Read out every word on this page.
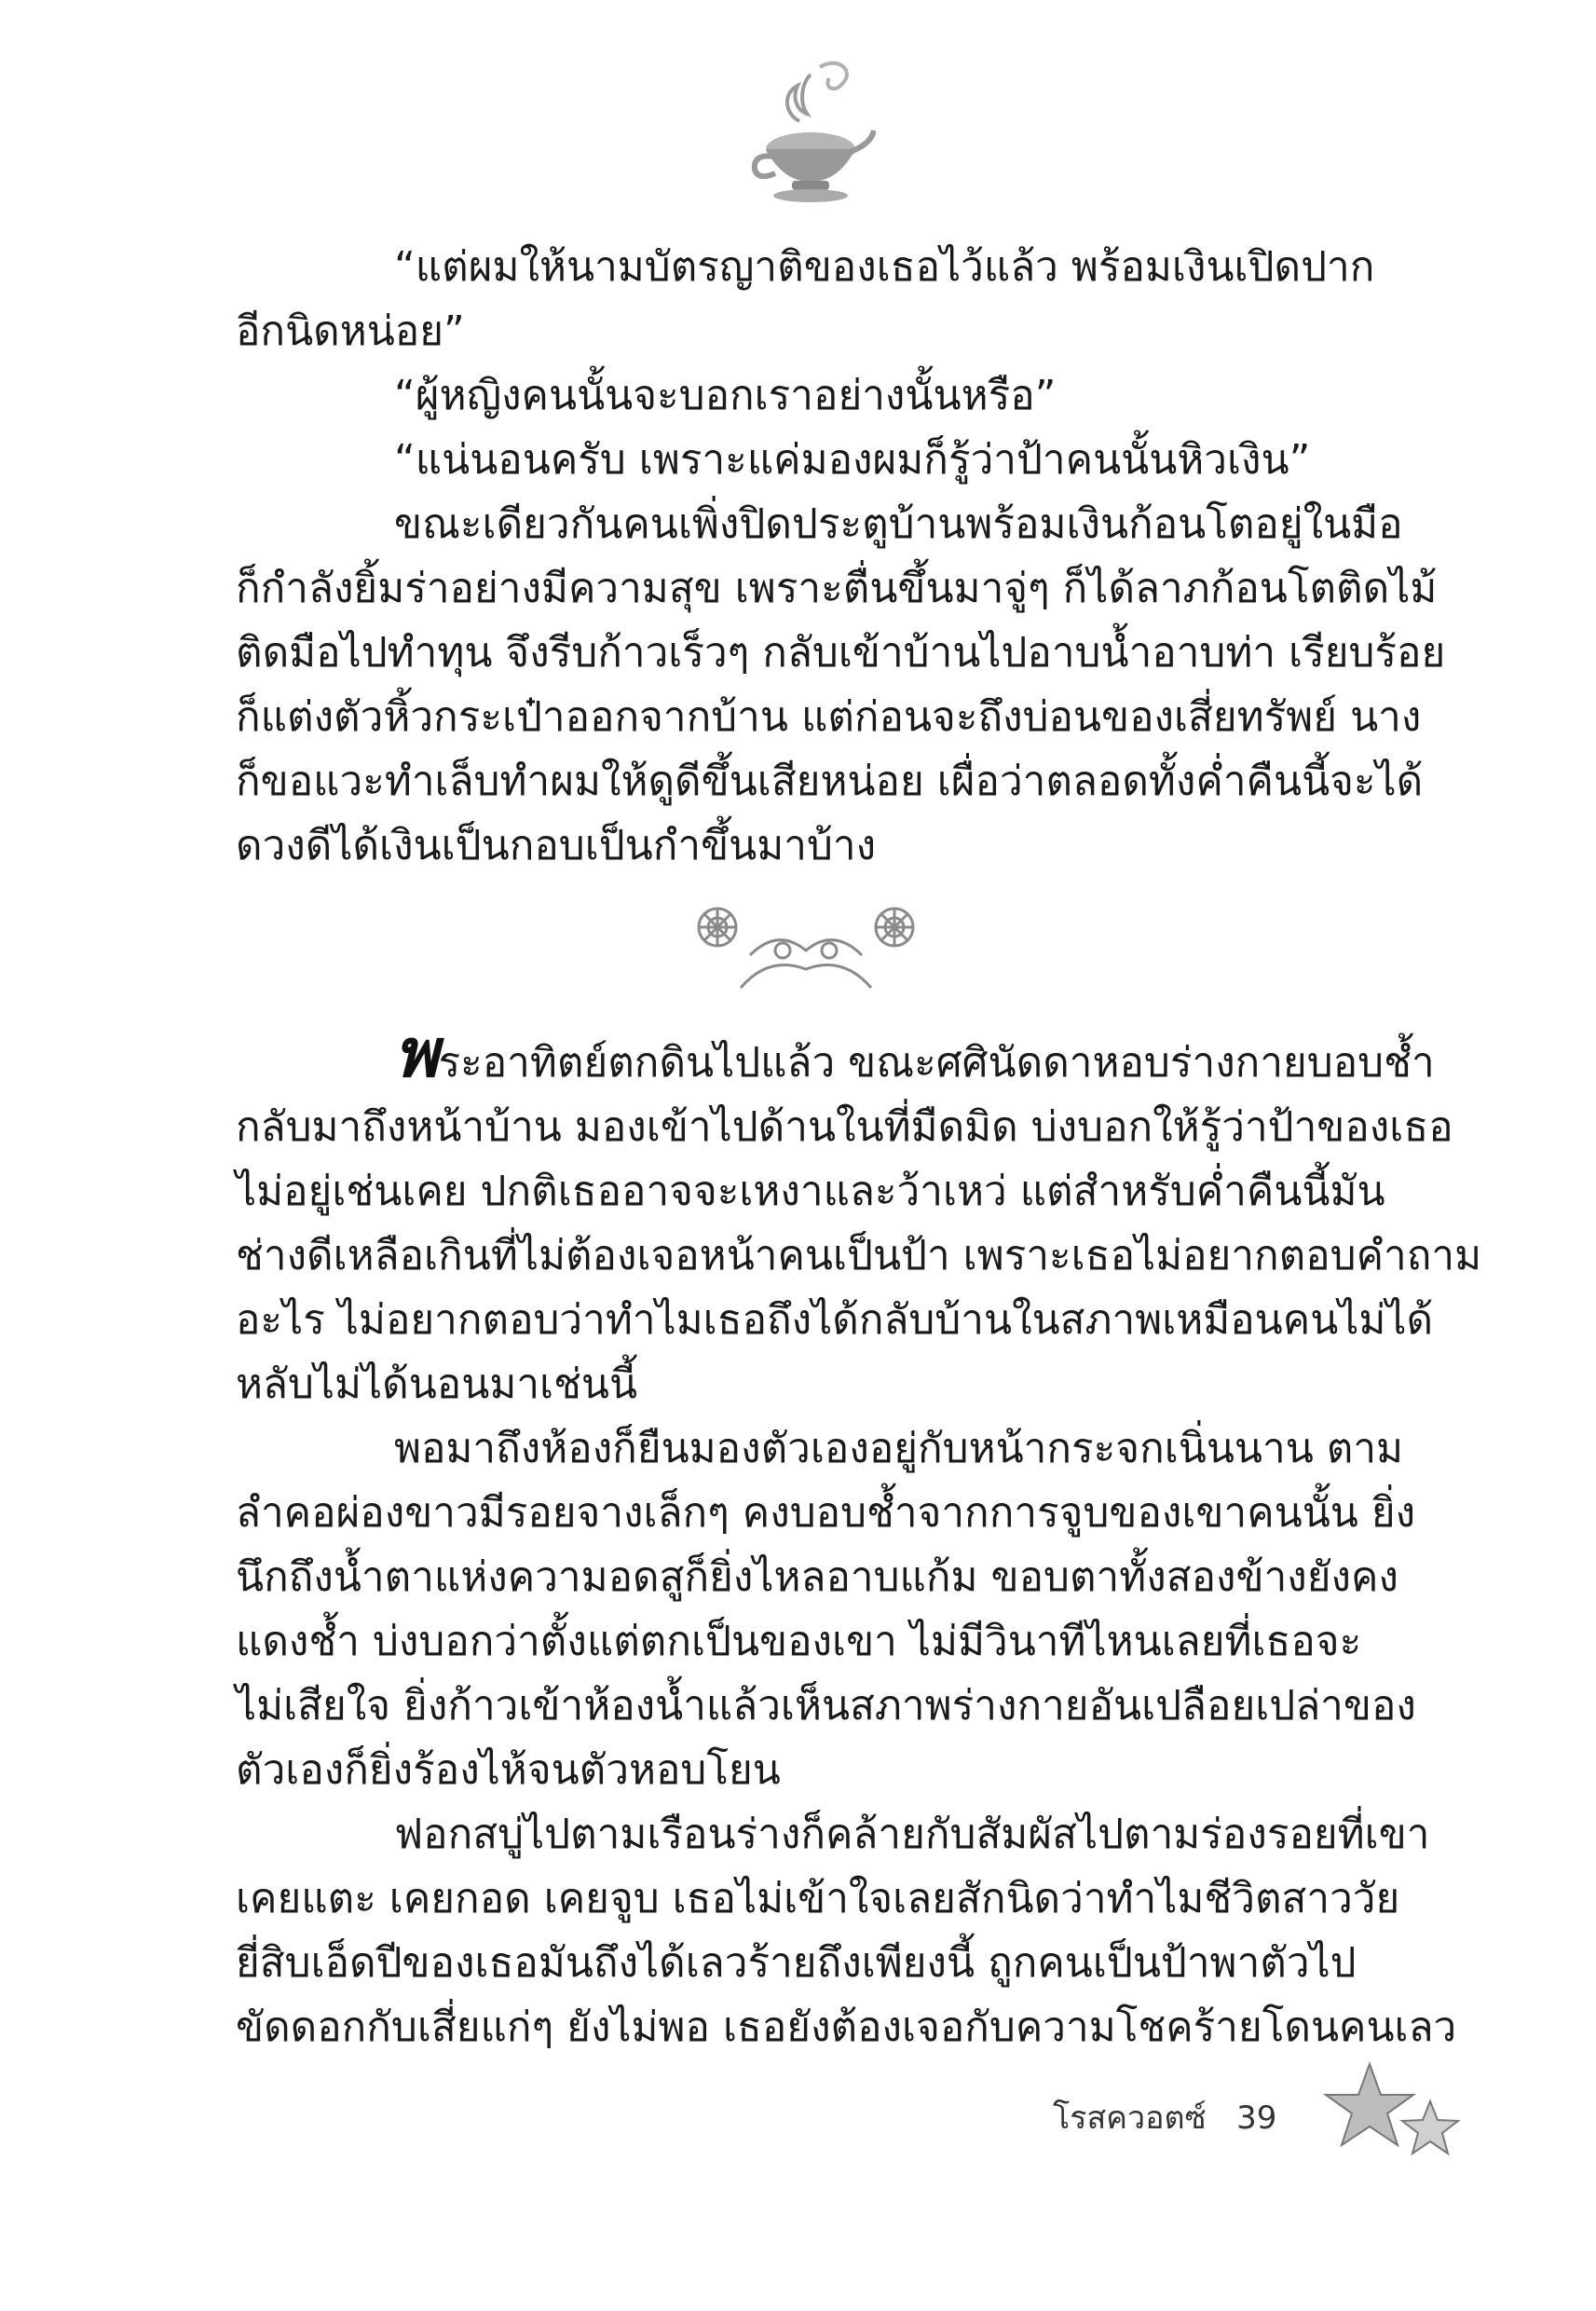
“แต่ผมให้นามบัตรญาติของเธอไว้แล้ว พร้อมเงินเปิดปาก

อีกนิดหน่อย”

“ผู้หญิงคนนั้นจะบอกเราอย่างนั้นหรือ”

“แน่นอนครับ เพราะแค่มองผมก็รู้ว่าป้าคนนั้นหิวเงิน”

ขณะเดียวกันคนเพิ่งปิดประตูบ้านพร้อมเงินก้อนโตอยู่ในมือ

ก็กำลังยิ้มร่าอย่างมีความสุข เพราะตื่นขึ้นมาจู่ๆ ก็ได้ลาภก้อนโตติดไม้

ติดมือไปทำทุน จึงรีบก้าวเร็วๆ กลับเข้าบ้านไปอาบน้ำอาบท่า เรียบร้อย

ก็แต่งตัวหิ้วกระเป๋าออกจากบ้าน แต่ก่อนจะถึงบ่อนของเสี่ยทรัพย์ นาง

ก็ขอแวะทำเล็บทำผมให้ดูดีขึ้นเสียหน่อย เผื่อว่าตลอดทั้งค่ำคืนนี้จะได้

ดวงดีได้เงินเป็นกอบเป็นกำขึ้นมาบ้าง

พระอาทิตย์ตกดินไปแล้ว ขณะศศินัดดาหอบร่างกายบอบช้ำ

กลับมาถึงหน้าบ้าน มองเข้าไปด้านในที่มืดมิด บ่งบอกให้รู้ว่าป้าของเธอ

ไม่อยู่เช่นเคย ปกติเธออาจจะเหงาและว้าเหว่ แต่สำหรับค่ำคืนนี้มัน

ช่างดีเหลือเกินที่ไม่ต้องเจอหน้าคนเป็นป้า เพราะเธอไม่อยากตอบคำถาม

อะไร ไม่อยากตอบว่าทำไมเธอถึงได้กลับบ้านในสภาพเหมือนคนไม่ได้

หลับไม่ได้นอนมาเช่นนี้

พอมาถึงห้องก็ยืนมองตัวเองอยู่กับหน้ากระจกเนิ่นนาน ตาม

ลำคอผ่องขาวมีรอยจางเล็กๆ คงบอบช้ำจากการจูบของเขาคนนั้น ยิ่ง

นึกถึงน้ำตาแห่งความอดสูก็ยิ่งไหลอาบแก้ม ขอบตาทั้งสองข้างยังคง

แดงช้ำ บ่งบอกว่าตั้งแต่ตกเป็นของเขา ไม่มีวินาทีไหนเลยที่เธอจะ

ไม่เสียใจ ยิ่งก้าวเข้าห้องน้ำแล้วเห็นสภาพร่างกายอันเปลือยเปล่าของ

ตัวเองก็ยิ่งร้องไห้จนตัวหอบโยน

ฟอกสบู่ไปตามเรือนร่างก็คล้ายกับสัมผัสไปตามร่องรอยที่เขา

เคยแตะ เคยกอด เคยจูบ เธอไม่เข้าใจเลยสักนิดว่าทำไมชีวิตสาววัย

ยี่สิบเอ็ดปีของเธอมันถึงได้เลวร้ายถึงเพียงนี้ ถูกคนเป็นป้าพาตัวไป

ขัดดอกกับเสี่ยแก่ๆ ยังไม่พอ เธอยังต้องเจอกับความโชคร้ายโดนคนเลว

โรสควอตซ์ 39
